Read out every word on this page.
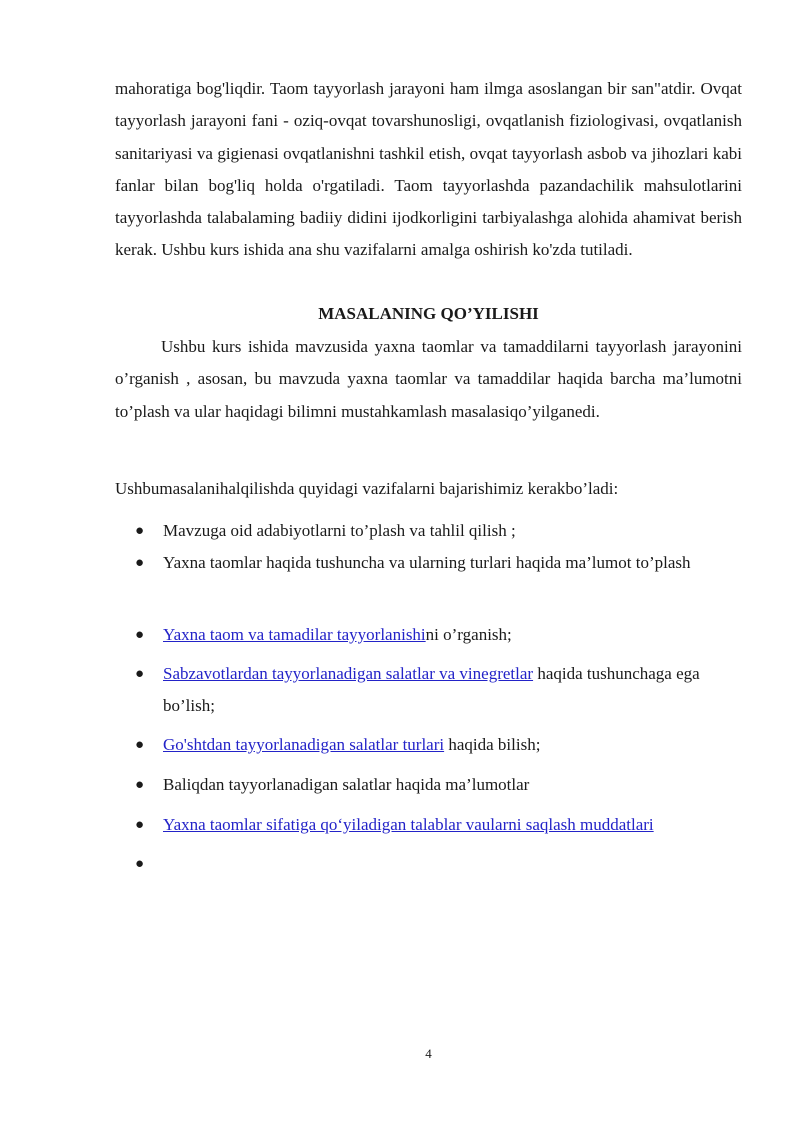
mahoratiga bog'liqdir. Taom tayyorlash jarayoni ham ilmga asoslangan bir san"atdir. Ovqat tayyorlash jarayoni fani - oziq-ovqat tovarshunosligi, ovqatlanish fiziologivasi, ovqatlanish sanitariyasi va gigienasi ovqatlanishni tashkil etish, ovqat tayyorlash asbob va jihozlari kabi fanlar bilan bog'liq holda o'rgatiladi. Taom tayyorlashda pazandachilik mahsulotlarini tayyorlashda talabalaming badiiy didini ijodkorligini tarbiyalashga alohida ahamivat berish kerak. Ushbu kurs ishida ana shu vazifalarni amalga oshirish ko'zda tutiladi.

MASALANING QO’YILISHI

Ushbu kurs ishida mavzusida yaxna taomlar va tamaddilarni tayyorlash jarayonini o’rganish , asosan, bu mavzuda yaxna taomlar va tamaddilar haqida barcha ma’lumotni to’plash va ular haqidagi bilimni mustahkamlash masalasiqo’yilganedi.

Ushbumasalanihalqilishda quyidagi vazifalarni bajarishimiz kerakbo’ladi:

● Mavzuga oid adabiyotlarni to’plash va tahlil qilish ;
● Yaxna taomlar haqida tushuncha va ularning turlari haqida ma’lumot to’plash
● Yaxna taom va tamadilar tayyorlanishini o’rganish;
● Sabzavotlardan tayyorlanadigan salatlar va vinegretlar haqida tushunchaga ega bo’lish;
● Go'shtdan tayyorlanadigan salatlar turlari haqida bilish;
● Baliqdan tayyorlanadigan salatlar haqida ma’lumotlar
● Yaxna taomlar sifatiga qo‘yiladigan talablar vaularni saqlash muddatlari
●
4
